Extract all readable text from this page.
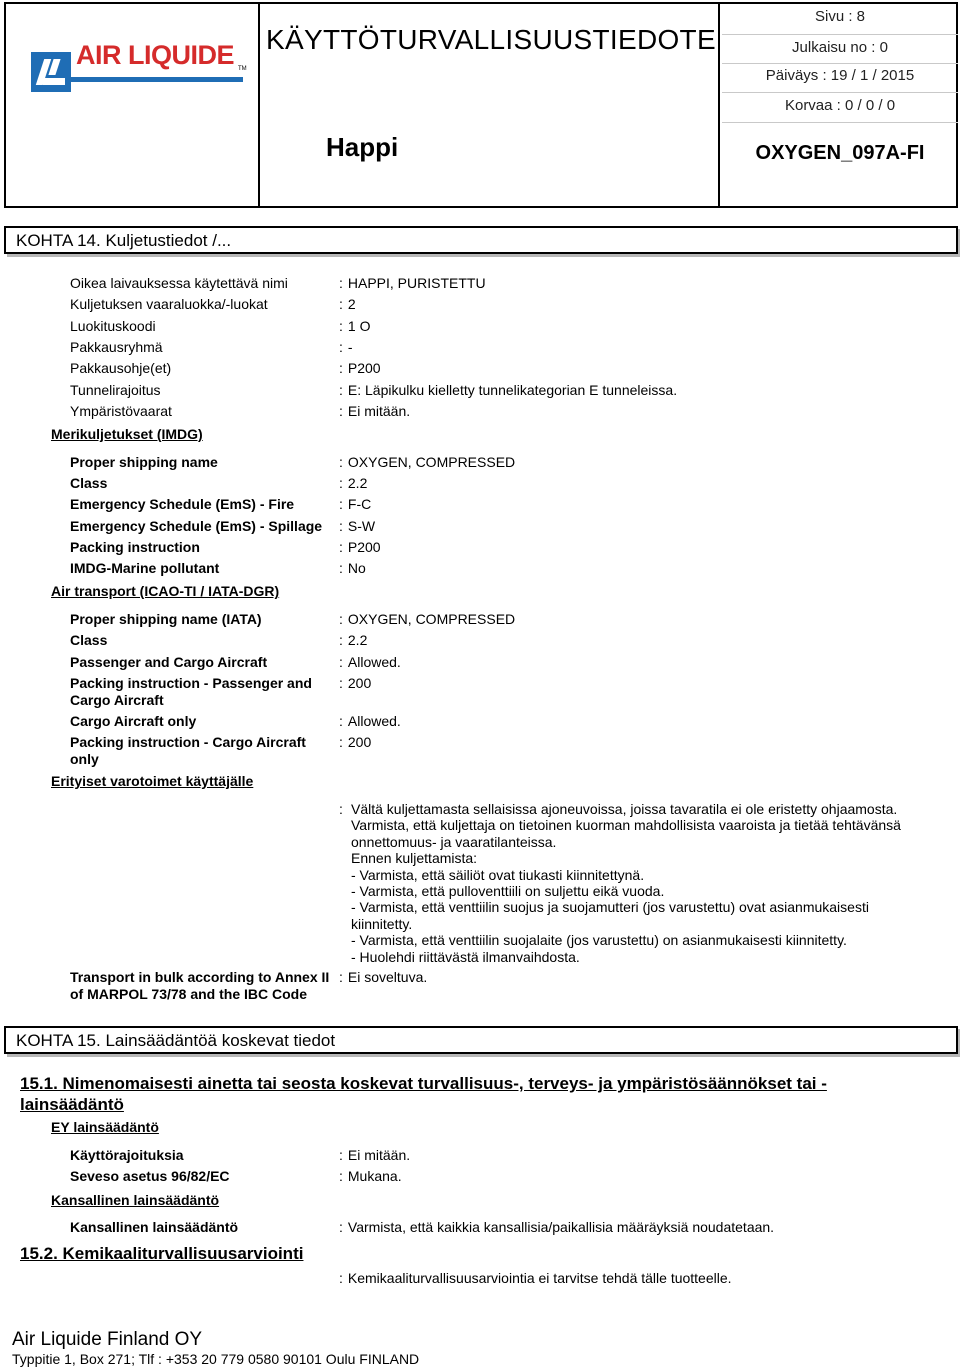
AIR LIQUIDE TM
KÄYTTÖTURVALLISUUSTIEDOTE
Happi
Sivu : 8
Julkaisu no : 0
Päiväys : 19 / 1 / 2015
Korvaa : 0 / 0 / 0
OXYGEN_097A-FI
KOHTA 14. Kuljetustiedot /...
Oikea laivauksessa käytettävä nimi	: HAPPI, PURISTETTU
Kuljetuksen vaaraluokka/-luokat	: 2
Luokituskoodi	: 1 O
Pakkausryhmä	: -
Pakkausohje(et)	: P200
Tunnelirajoitus	: E: Läpikulku kielletty tunnelikategorian E tunneleissa.
Ympäristövaarat	: Ei mitään.
Merikuljetukset (IMDG)
Proper shipping name	: OXYGEN, COMPRESSED
Class	: 2.2
Emergency Schedule (EmS) - Fire	: F-C
Emergency Schedule (EmS) - Spillage : S-W
Packing instruction	: P200
IMDG-Marine pollutant	: No
Air transport (ICAO-TI / IATA-DGR)
Proper shipping name (IATA)	: OXYGEN, COMPRESSED
Class	: 2.2
Passenger and Cargo Aircraft	: Allowed.
Packing instruction - Passenger and Cargo Aircraft
: 200
Cargo Aircraft only	: Allowed.
Packing instruction - Cargo Aircraft only
: 200
Erityiset varotoimet käyttäjälle
: Vältä kuljettamasta sellaisissa ajoneuvoissa, joissa tavaratila ei ole eristetty ohjaamosta.
Varmista, että kuljettaja on tietoinen kuorman mahdollisista vaaroista ja tietää tehtävänsä onnettomuus- ja vaaratilanteissa.
Ennen kuljettamista:
- Varmista, että säiliöt ovat tiukasti kiinnitettynä.
- Varmista, että pulloventtiili on suljettu eikä vuoda.
- Varmista, että venttiilin suojus ja suojamutteri (jos varustettu) ovat asianmukaisesti kiinnitetty.
- Varmista, että venttiilin suojalaite (jos varustettu) on asianmukaisesti kiinnitetty.
- Huolehdi riittävästä ilmanvaihdosta.
Transport in bulk according to Annex II of MARPOL 73/78 and the IBC Code
: Ei soveltuva.
KOHTA 15. Lainsäädäntöä koskevat tiedot
15.1. Nimenomaisesti ainetta tai seosta koskevat turvallisuus-, terveys- ja ympäristösäännökset tai -lainsäädäntö
EY lainsäädäntö
Käyttörajoituksia	: Ei mitään.
Seveso asetus 96/82/EC	: Mukana.
Kansallinen lainsäädäntö
Kansallinen lainsäädäntö	: Varmista, että kaikkia kansallisia/paikallisia määräyksiä noudatetaan.
15.2. Kemikaaliturvallisuusarviointi
: Kemikaaliturvallisuusarviointia ei tarvitse tehdä tälle tuotteelle.
Air Liquide Finland OY
Typpitie 1, Box 271; Tlf : +353 20 779 0580 90101 Oulu FINLAND
